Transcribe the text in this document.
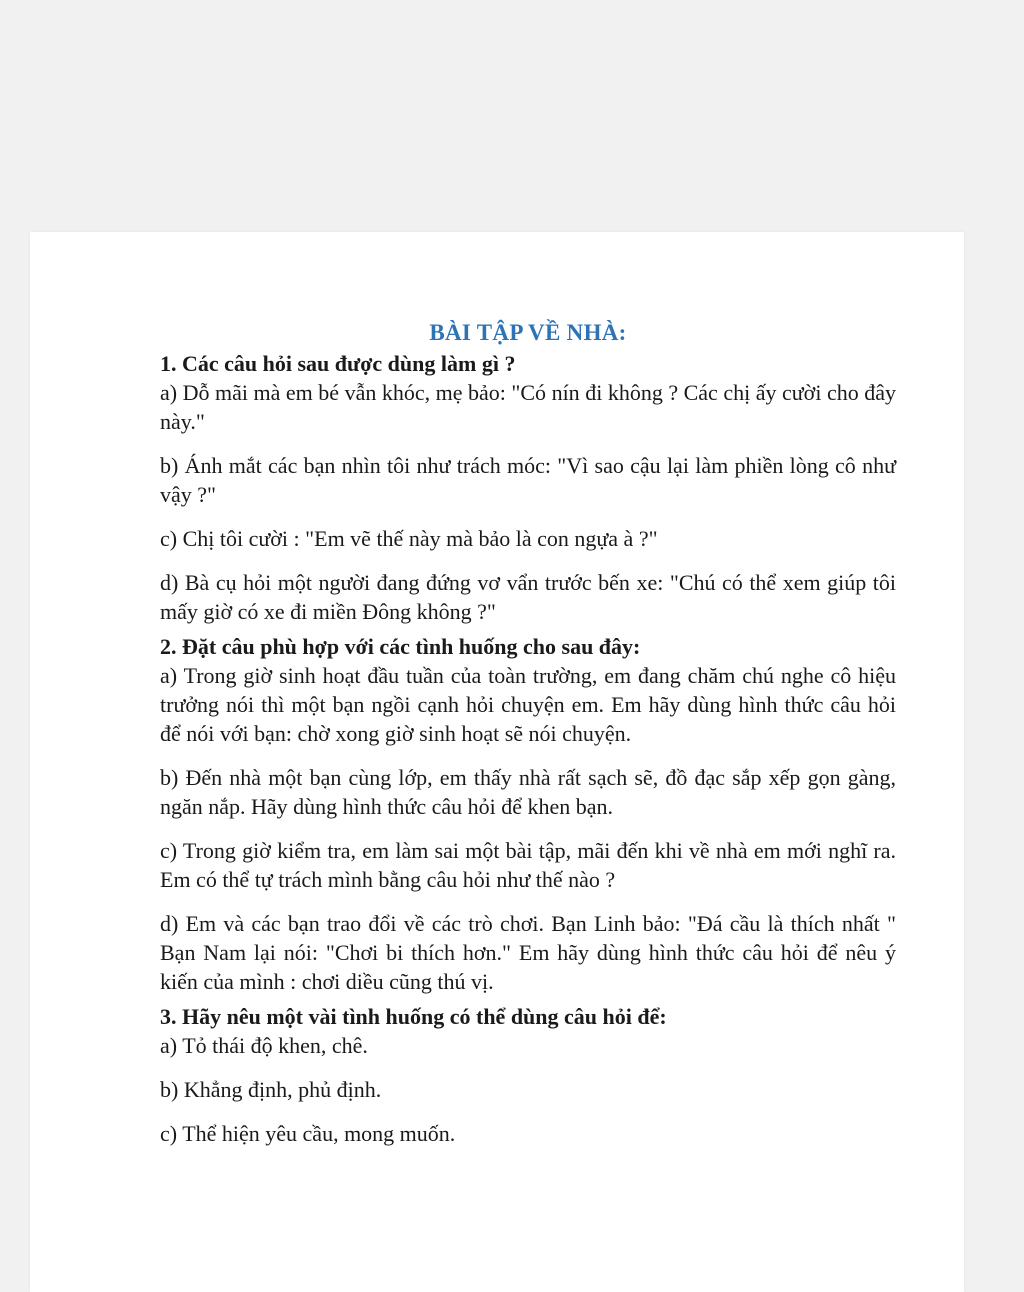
BÀI TẬP VỀ NHÀ:

1. Các câu hỏi sau được dùng làm gì ?

a) Dỗ mãi mà em bé vẫn khóc, mẹ bảo: "Có nín đi không ? Các chị ấy cười cho đây này."

b) Ánh mắt các bạn nhìn tôi như trách móc: "Vì sao cậu lại làm phiền lòng cô như vậy ?"

c) Chị tôi cười : "Em vẽ thế này mà bảo là con ngựa à ?"

d) Bà cụ hỏi một người đang đứng vơ vẩn trước bến xe: "Chú có thể xem giúp tôi mấy giờ có xe đi miền Đông không ?"

2. Đặt câu phù hợp với các tình huống cho sau đây:

a) Trong giờ sinh hoạt đầu tuần của toàn trường, em đang chăm chú nghe cô hiệu trưởng nói thì một bạn ngồi cạnh hỏi chuyện em. Em hãy dùng hình thức câu hỏi để nói với bạn: chờ xong giờ sinh hoạt sẽ nói chuyện.

b) Đến nhà một bạn cùng lớp, em thấy nhà rất sạch sẽ, đồ đạc sắp xếp gọn gàng, ngăn nắp. Hãy dùng hình thức câu hỏi để khen bạn.

c) Trong giờ kiểm tra, em làm sai một bài tập, mãi đến khi về nhà em mới nghĩ ra. Em có thể tự trách mình bằng câu hỏi như thế nào ?

d) Em và các bạn trao đổi về các trò chơi. Bạn Linh bảo: "Đá cầu là thích nhất " Bạn Nam lại nói: "Chơi bi thích hơn." Em hãy dùng hình thức câu hỏi để nêu ý kiến của mình : chơi diều cũng thú vị.

3. Hãy nêu một vài tình huống có thể dùng câu hỏi để:

a) Tỏ thái độ khen, chê.

b) Khẳng định, phủ định.

c) Thể hiện yêu cầu, mong muốn.
